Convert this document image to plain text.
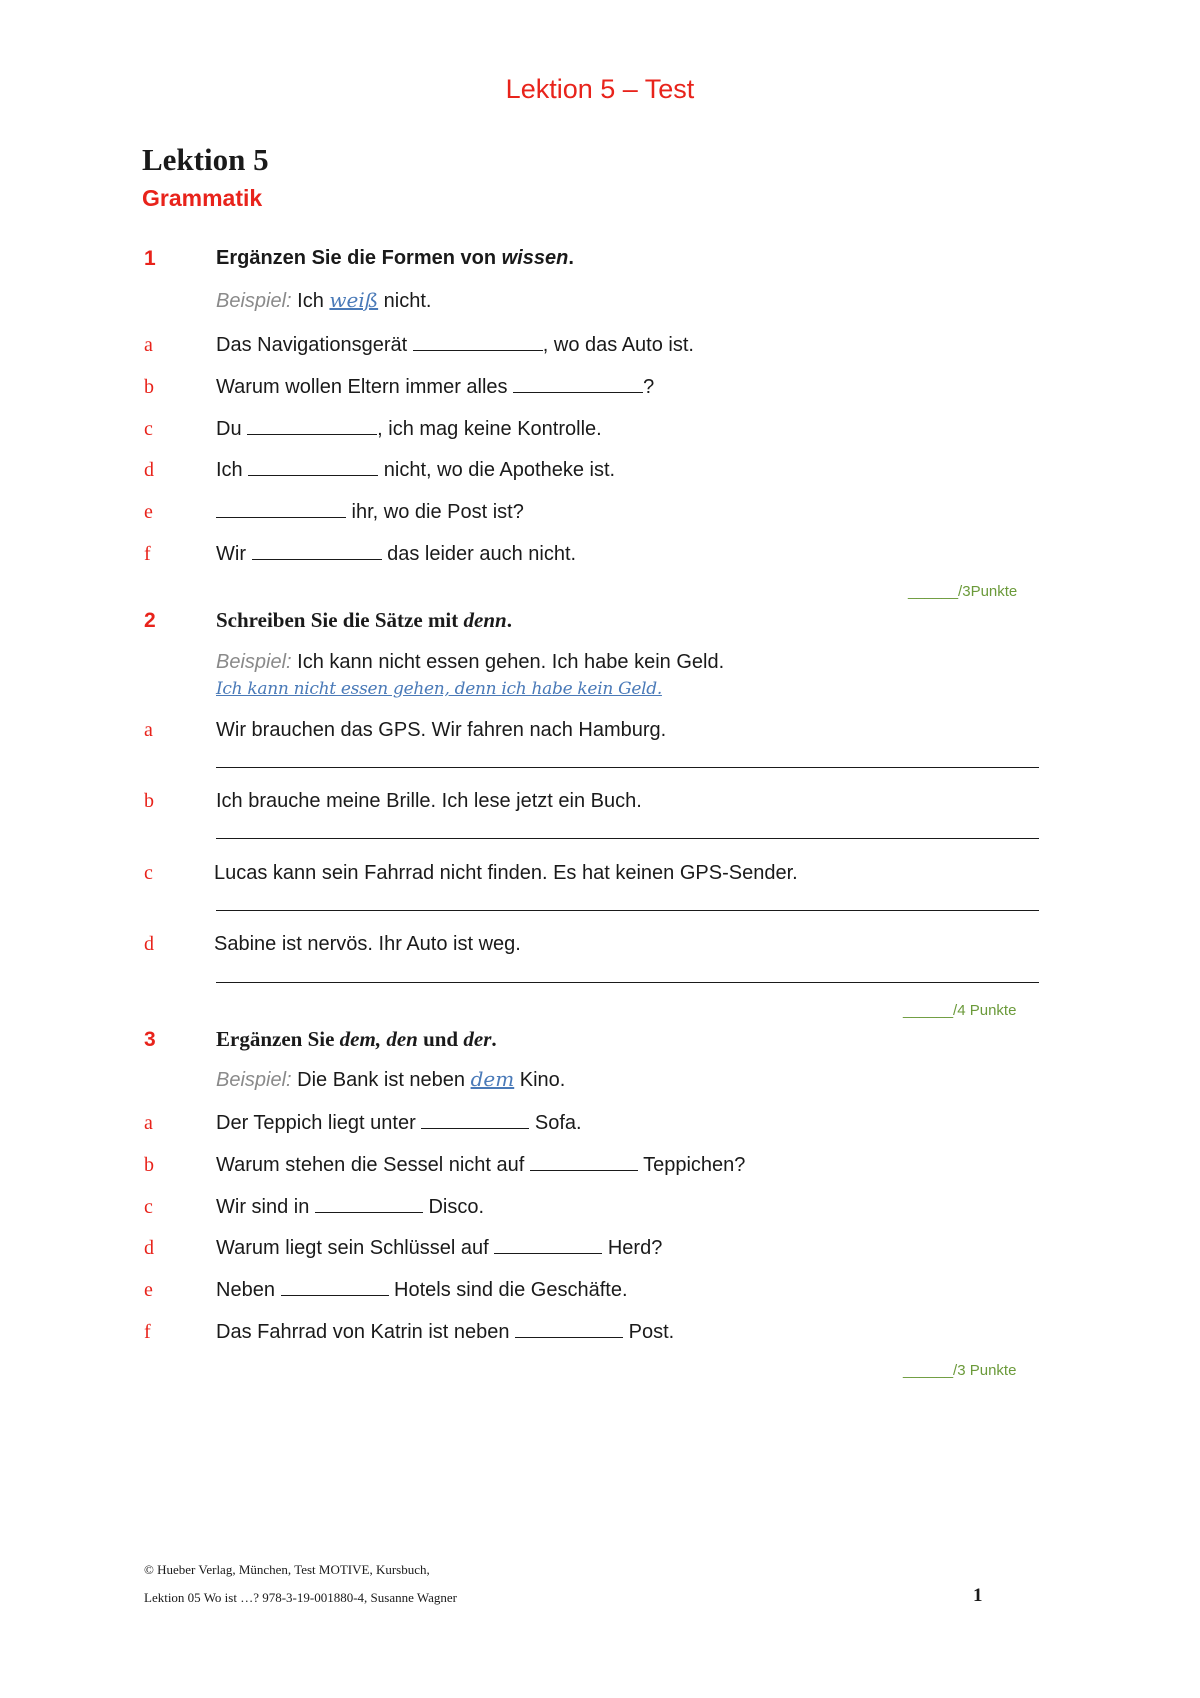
Lektion 5 – Test
Lektion 5
Grammatik
1	Ergänzen Sie die Formen von wissen.
Beispiel: Ich weiß nicht.
a	Das Navigationsgerät	, wo das Auto ist.
b	Warum wollen Eltern immer alles	?
c	Du	, ich mag keine Kontrolle.
d	Ich	nicht, wo die Apotheke ist.
e	ihr, wo die Post ist?
f	Wir	das leider auch nicht.
______/3Punkte
2	Schreiben Sie die Sätze mit denn.
Beispiel: Ich kann nicht essen gehen. Ich habe kein Geld.
Ich kann nicht essen gehen, denn ich habe kein Geld.
a	Wir brauchen das GPS. Wir fahren nach Hamburg.
b	Ich brauche meine Brille. Ich lese jetzt ein Buch.
c	Lucas kann sein Fahrrad nicht finden. Es hat keinen GPS-Sender.
d	Sabine ist nervös. Ihr Auto ist weg.
______/4 Punkte
3	Ergänzen Sie dem, den und der.
Beispiel: Die Bank ist neben dem Kino.
a	Der Teppich liegt unter	Sofa.
b	Warum stehen die Sessel nicht auf	Teppichen?
c	Wir sind in	Disco.
d	Warum liegt sein Schlüssel auf	Herd?
e	Neben	Hotels sind die Geschäfte.
f	Das Fahrrad von Katrin ist neben	Post.
______/3 Punkte
© Hueber Verlag, München, Test MOTIVE, Kursbuch,
Lektion 05 Wo ist …? 978-3-19-001880-4, Susanne Wagner	1
